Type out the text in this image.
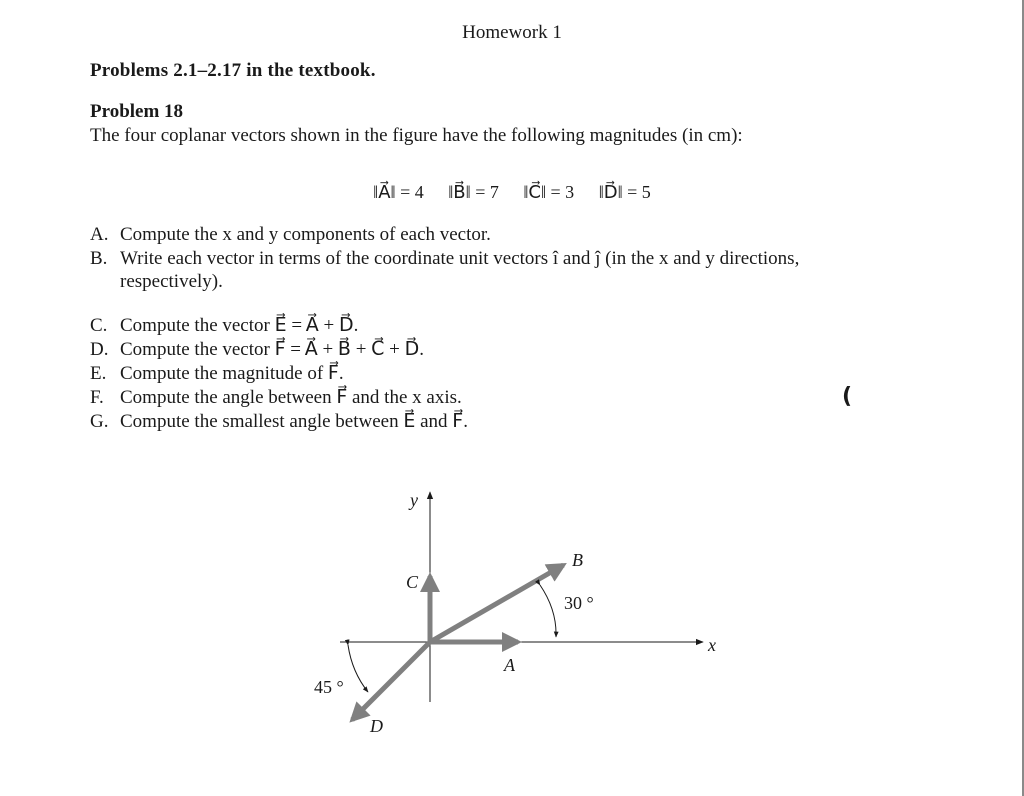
Homework 1
Problems 2.1–2.17 in the textbook.
Problem 18
The four coplanar vectors shown in the figure have the following magnitudes (in cm):
‖A⃗‖ = 4 ‖B⃗‖ = 7 ‖C⃗‖ = 3 ‖D⃗‖ = 5
A. Compute the x and y components of each vector.
B. Write each vector in terms of the coordinate unit vectors î and ĵ (in the x and y directions,
respectively).
C. Compute the vector E⃗ = A⃗ + D⃗.
D. Compute the vector F⃗ = A⃗ + B⃗ + C⃗ + D⃗.
E. Compute the magnitude of F⃗.
F. Compute the angle between F⃗ and the x axis.
G. Compute the smallest angle between E⃗ and F⃗.
(
x
y
A⃗
B⃗
C⃗
D⃗
30 °
45 °
